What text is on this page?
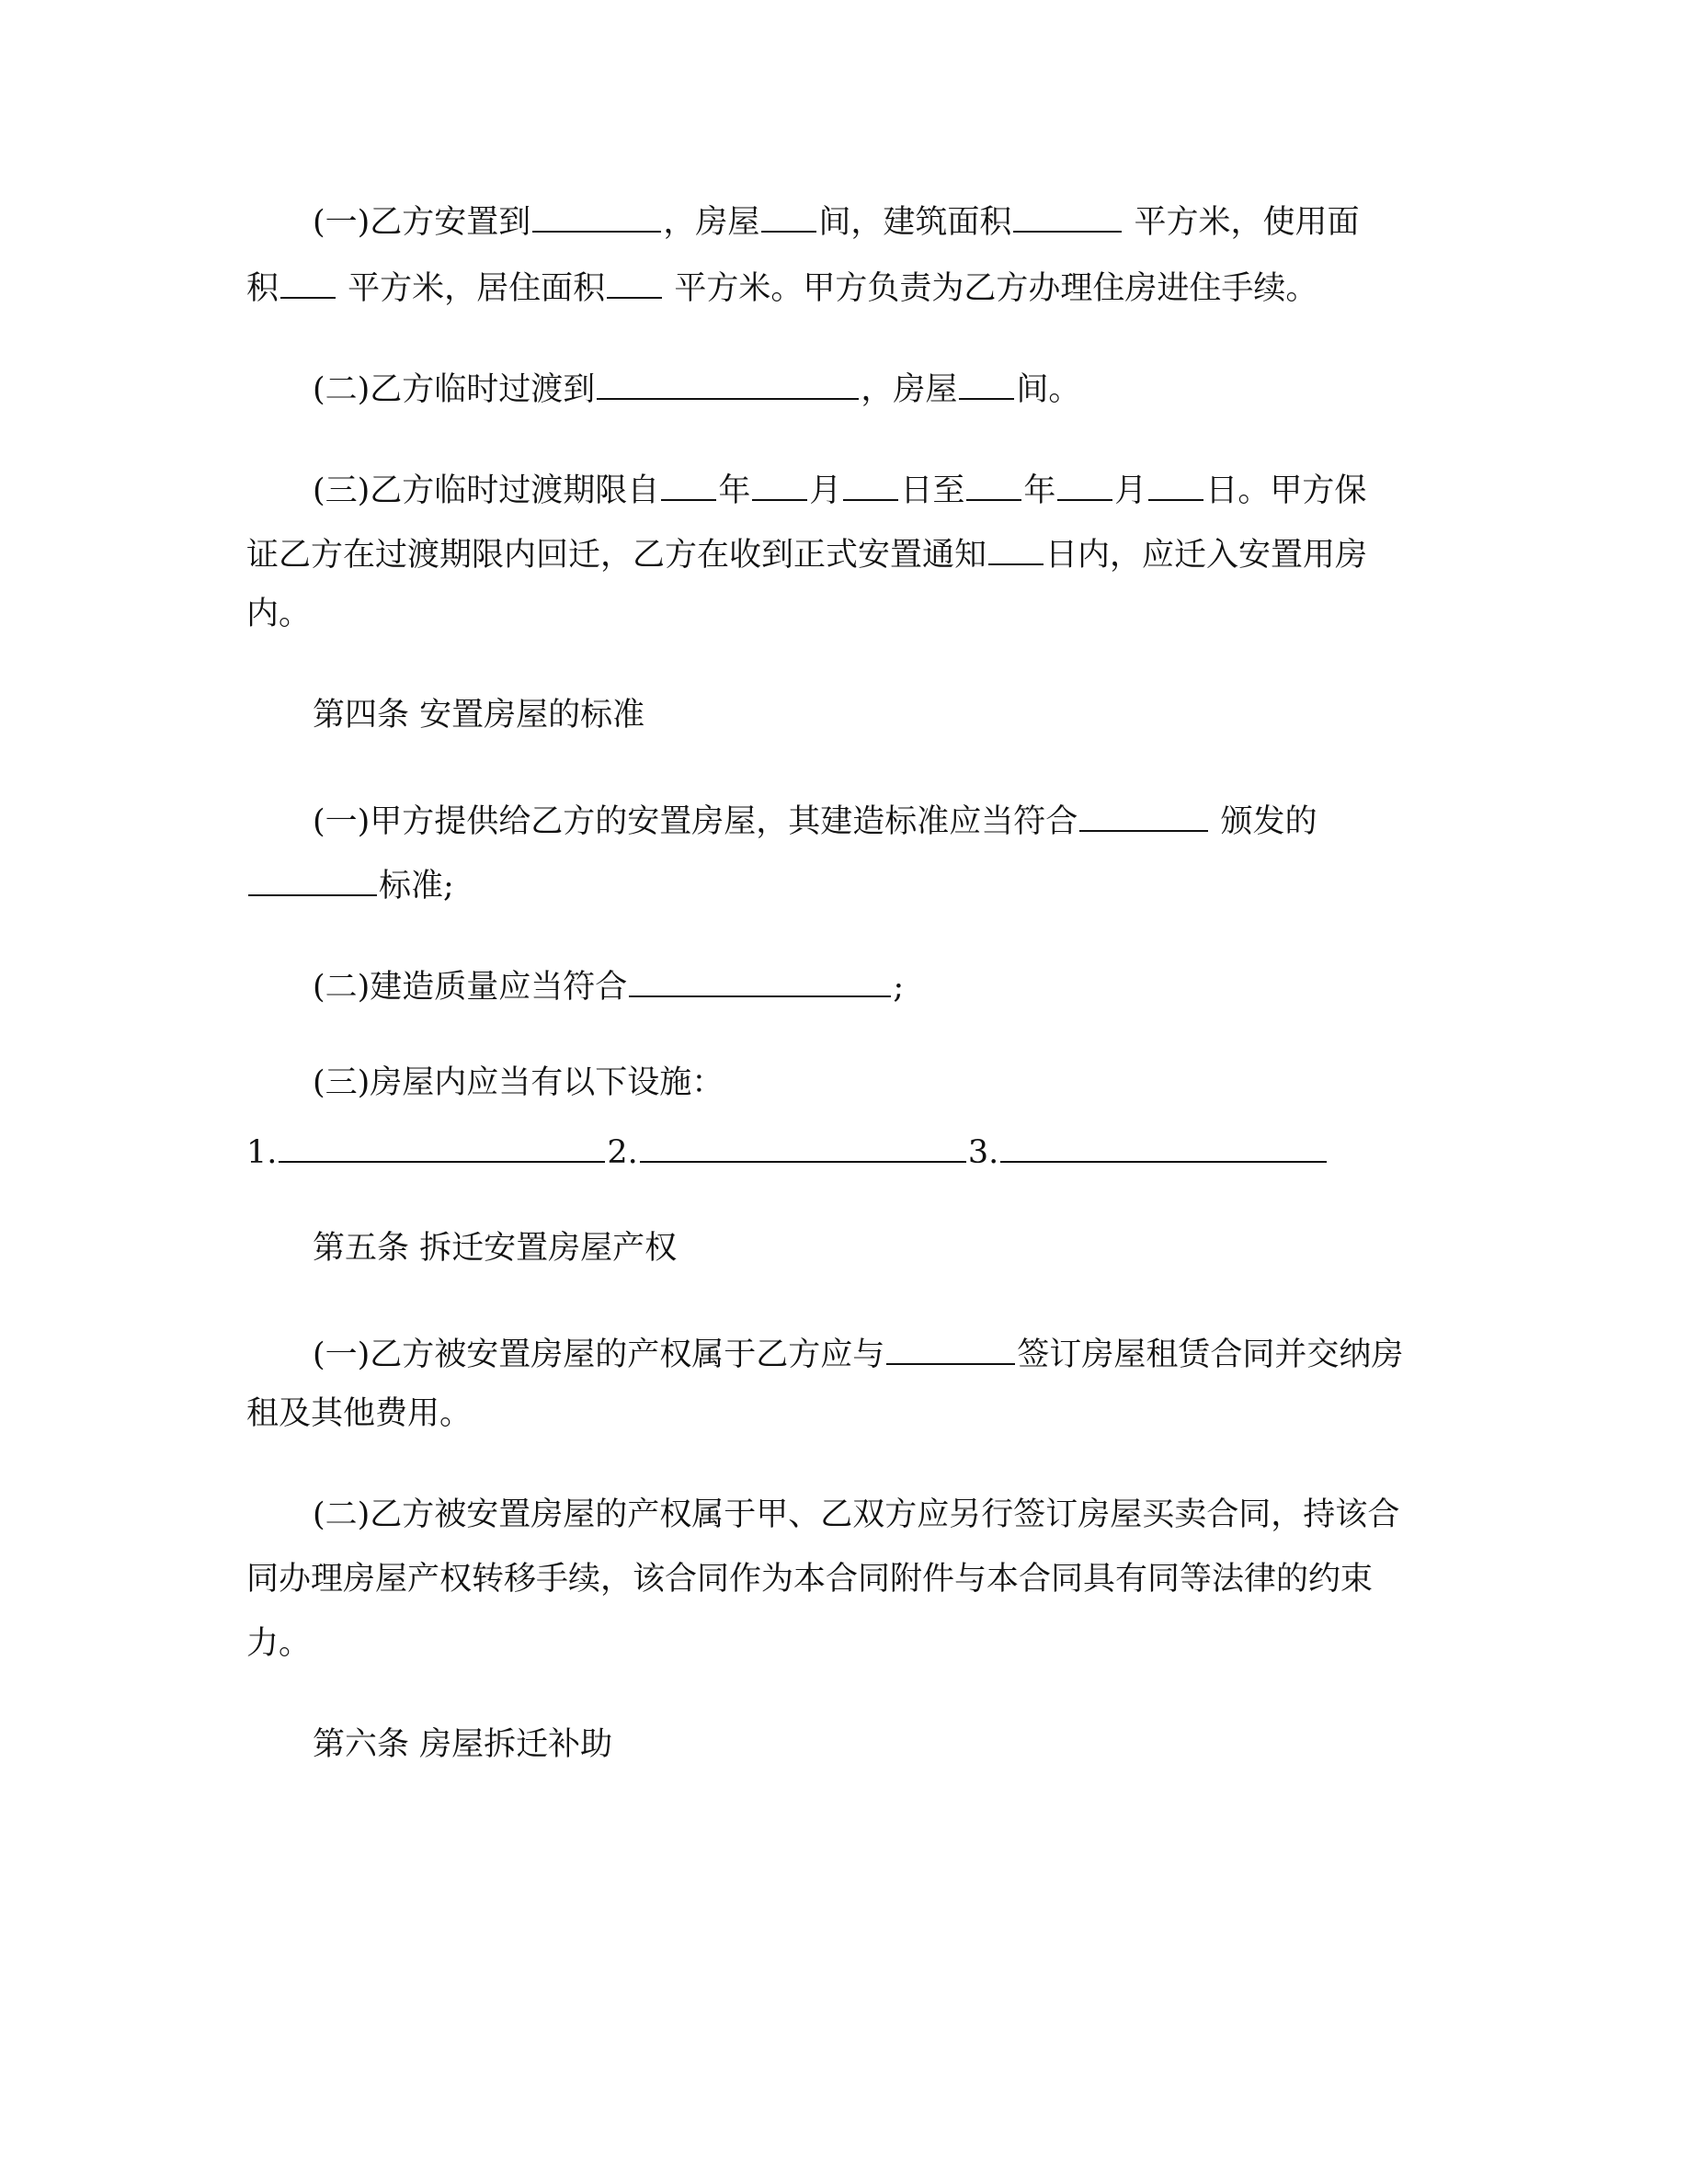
(一)乙方安置到	，房屋 间，建筑面积	平方米，使用面
积 平方米，居住面积 平方米。甲方负责为乙方办理住房进住手续。
(二)乙方临时过渡到	，房屋 间。
(三)乙方临时过渡期限自 年 月 日至 年 月 日。甲方保
证乙方在过渡期限内回迁，乙方在收到正式安置通知 日内，应迁入安置用房
内。
第四条 安置房屋的标准
(一)甲方提供给乙方的安置房屋，其建造标准应当符合	颁发的
标准;
(二)建造质量应当符合	;
(三)房屋内应当有以下设施：
1.	2.	3.
第五条 拆迁安置房屋产权
(一)乙方被安置房屋的产权属于乙方应与	签订房屋租赁合同并交纳房
租及其他费用。
(二)乙方被安置房屋的产权属于甲、乙双方应另行签订房屋买卖合同，持该合
同办理房屋产权转移手续，该合同作为本合同附件与本合同具有同等法律的约束
力。
第六条 房屋拆迁补助
